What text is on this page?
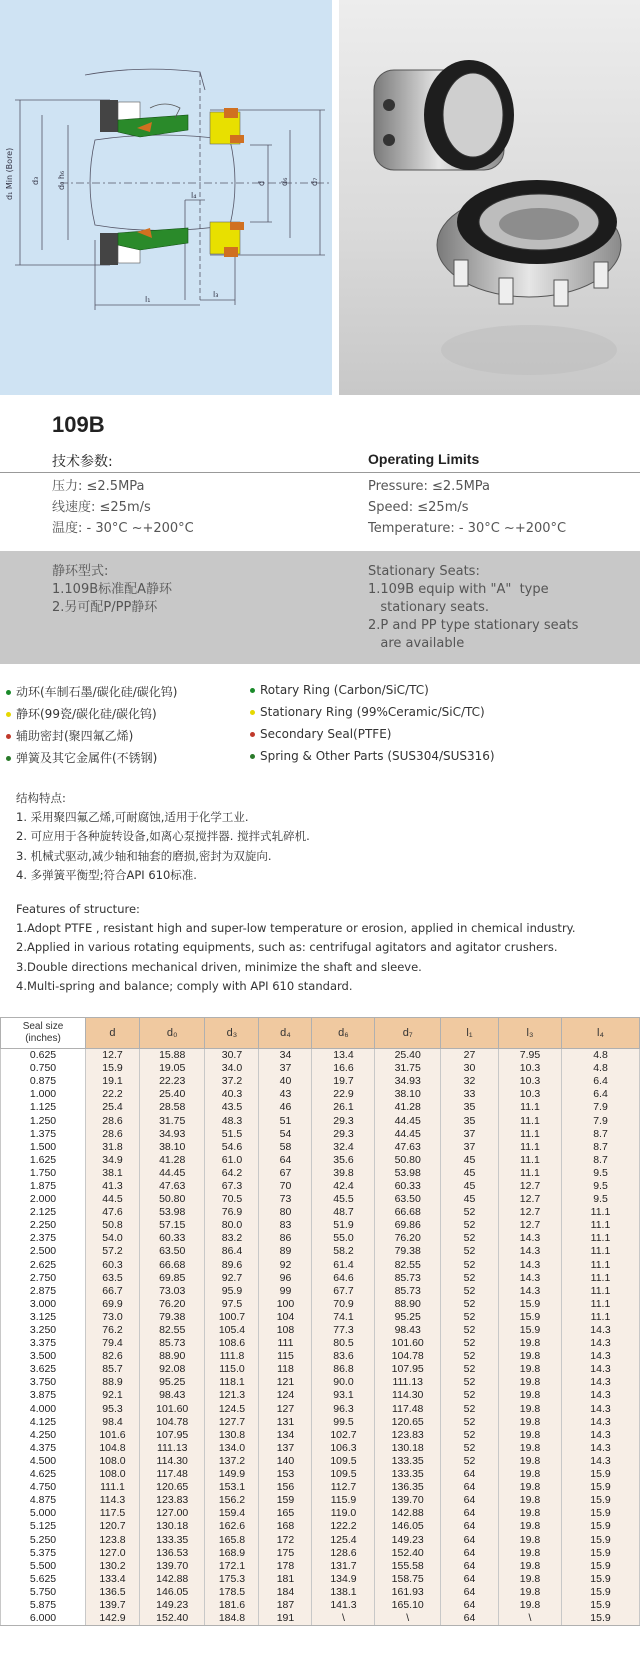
d₁ Min (Bore) d₃ d₀ h₆	d d₆	d₇
l₁
l₃
l₄
109B
技术参数:	Operating Limits
压力: ≤2.5MPa
线速度: ≤25m/s
温度: - 30°C ~+200°C
Pressure: ≤2.5MPa
Speed: ≤25m/s
Temperature: - 30°C ~+200°C
静环型式:
1.109B标准配A静环
2.另可配P/PP静环
Stationary Seats:
1.109B equip with "A"  type
stationary seats.
2.P and PP type stationary seats
are available
动环(车制石墨/碳化硅/碳化钨)
静环(99瓷/碳化硅/碳化钨)
辅助密封(聚四氟乙烯)
弹簧及其它金属件(不锈钢)
Rotary Ring (Carbon/SiC/TC)
Stationary Ring (99%Ceramic/SiC/TC)
Secondary Seal(PTFE)
Spring & Other Parts (SUS304/SUS316)
结构特点:
1. 采用聚四氟乙烯,可耐腐蚀,适用于化学工业.
2. 可应用于各种旋转设备,如离心泵搅拌器. 搅拌式轧碎机.
3. 机械式驱动,减少轴和轴套的磨损,密封为双旋向.
4. 多弹簧平衡型;符合API 610标准.
Features of structure:
1.Adopt PTFE , resistant high and super-low temperature or erosion, applied in chemical industry.
2.Applied in various rotating equipments, such as: centrifugal agitators and agitator crushers.
3.Double directions mechanical driven, minimize the shaft and sleeve.
4.Multi-spring and balance; comply with API 610 standard.
Seal size
(inches)	d	d₀	d₃	d₄	d₆	d₇	l₁	l₃	l₄
0.625	12.7	15.88	30.7	34	13.4	25.40	27	7.95	4.8
0.750	15.9	19.05	34.0	37	16.6	31.75	30	10.3	4.8
0.875	19.1	22.23	37.2	40	19.7	34.93	32	10.3	6.4
1.000	22.2	25.40	40.3	43	22.9	38.10	33	10.3	6.4
1.125	25.4	28.58	43.5	46	26.1	41.28	35	11.1	7.9
1.250	28.6	31.75	48.3	51	29.3	44.45	35	11.1	7.9
1.375	28.6	34.93	51.5	54	29.3	44.45	37	11.1	8.7
1.500	31.8	38.10	54.6	58	32.4	47.63	37	11.1	8.7
1.625	34.9	41.28	61.0	64	35.6	50.80	45	11.1	8.7
1.750	38.1	44.45	64.2	67	39.8	53.98	45	11.1	9.5
1.875	41.3	47.63	67.3	70	42.4	60.33	45	12.7	9.5
2.000	44.5	50.80	70.5	73	45.5	63.50	45	12.7	9.5
2.125	47.6	53.98	76.9	80	48.7	66.68	52	12.7	11.1
2.250	50.8	57.15	80.0	83	51.9	69.86	52	12.7	11.1
2.375	54.0	60.33	83.2	86	55.0	76.20	52	14.3	11.1
2.500	57.2	63.50	86.4	89	58.2	79.38	52	14.3	11.1
2.625	60.3	66.68	89.6	92	61.4	82.55	52	14.3	11.1
2.750	63.5	69.85	92.7	96	64.6	85.73	52	14.3	11.1
2.875	66.7	73.03	95.9	99	67.7	85.73	52	14.3	11.1
3.000	69.9	76.20	97.5	100	70.9	88.90	52	15.9	11.1
3.125	73.0	79.38	100.7	104	74.1	95.25	52	15.9	11.1
3.250	76.2	82.55	105.4	108	77.3	98.43	52	15.9	14.3
3.375	79.4	85.73	108.6	111	80.5	101.60	52	19.8	14.3
3.500	82.6	88.90	111.8	115	83.6	104.78	52	19.8	14.3
3.625	85.7	92.08	115.0	118	86.8	107.95	52	19.8	14.3
3.750	88.9	95.25	118.1	121	90.0	111.13	52	19.8	14.3
3.875	92.1	98.43	121.3	124	93.1	114.30	52	19.8	14.3
4.000	95.3	101.60	124.5	127	96.3	117.48	52	19.8	14.3
4.125	98.4	104.78	127.7	131	99.5	120.65	52	19.8	14.3
4.250	101.6	107.95	130.8	134	102.7	123.83	52	19.8	14.3
4.375	104.8	111.13	134.0	137	106.3	130.18	52	19.8	14.3
4.500	108.0	114.30	137.2	140	109.5	133.35	52	19.8	14.3
4.625	108.0	117.48	149.9	153	109.5	133.35	64	19.8	15.9
4.750	111.1	120.65	153.1	156	112.7	136.35	64	19.8	15.9
4.875	114.3	123.83	156.2	159	115.9	139.70	64	19.8	15.9
5.000	117.5	127.00	159.4	165	119.0	142.88	64	19.8	15.9
5.125	120.7	130.18	162.6	168	122.2	146.05	64	19.8	15.9
5.250	123.8	133.35	165.8	172	125.4	149.23	64	19.8	15.9
5.375	127.0	136.53	168.9	175	128.6	152.40	64	19.8	15.9
5.500	130.2	139.70	172.1	178	131.7	155.58	64	19.8	15.9
5.625	133.4	142.88	175.3	181	134.9	158.75	64	19.8	15.9
5.750	136.5	146.05	178.5	184	138.1	161.93	64	19.8	15.9
5.875	139.7	149.23	181.6	187	141.3	165.10	64	19.8	15.9
6.000	142.9	152.40	184.8	191	\	\	64	\	15.9
